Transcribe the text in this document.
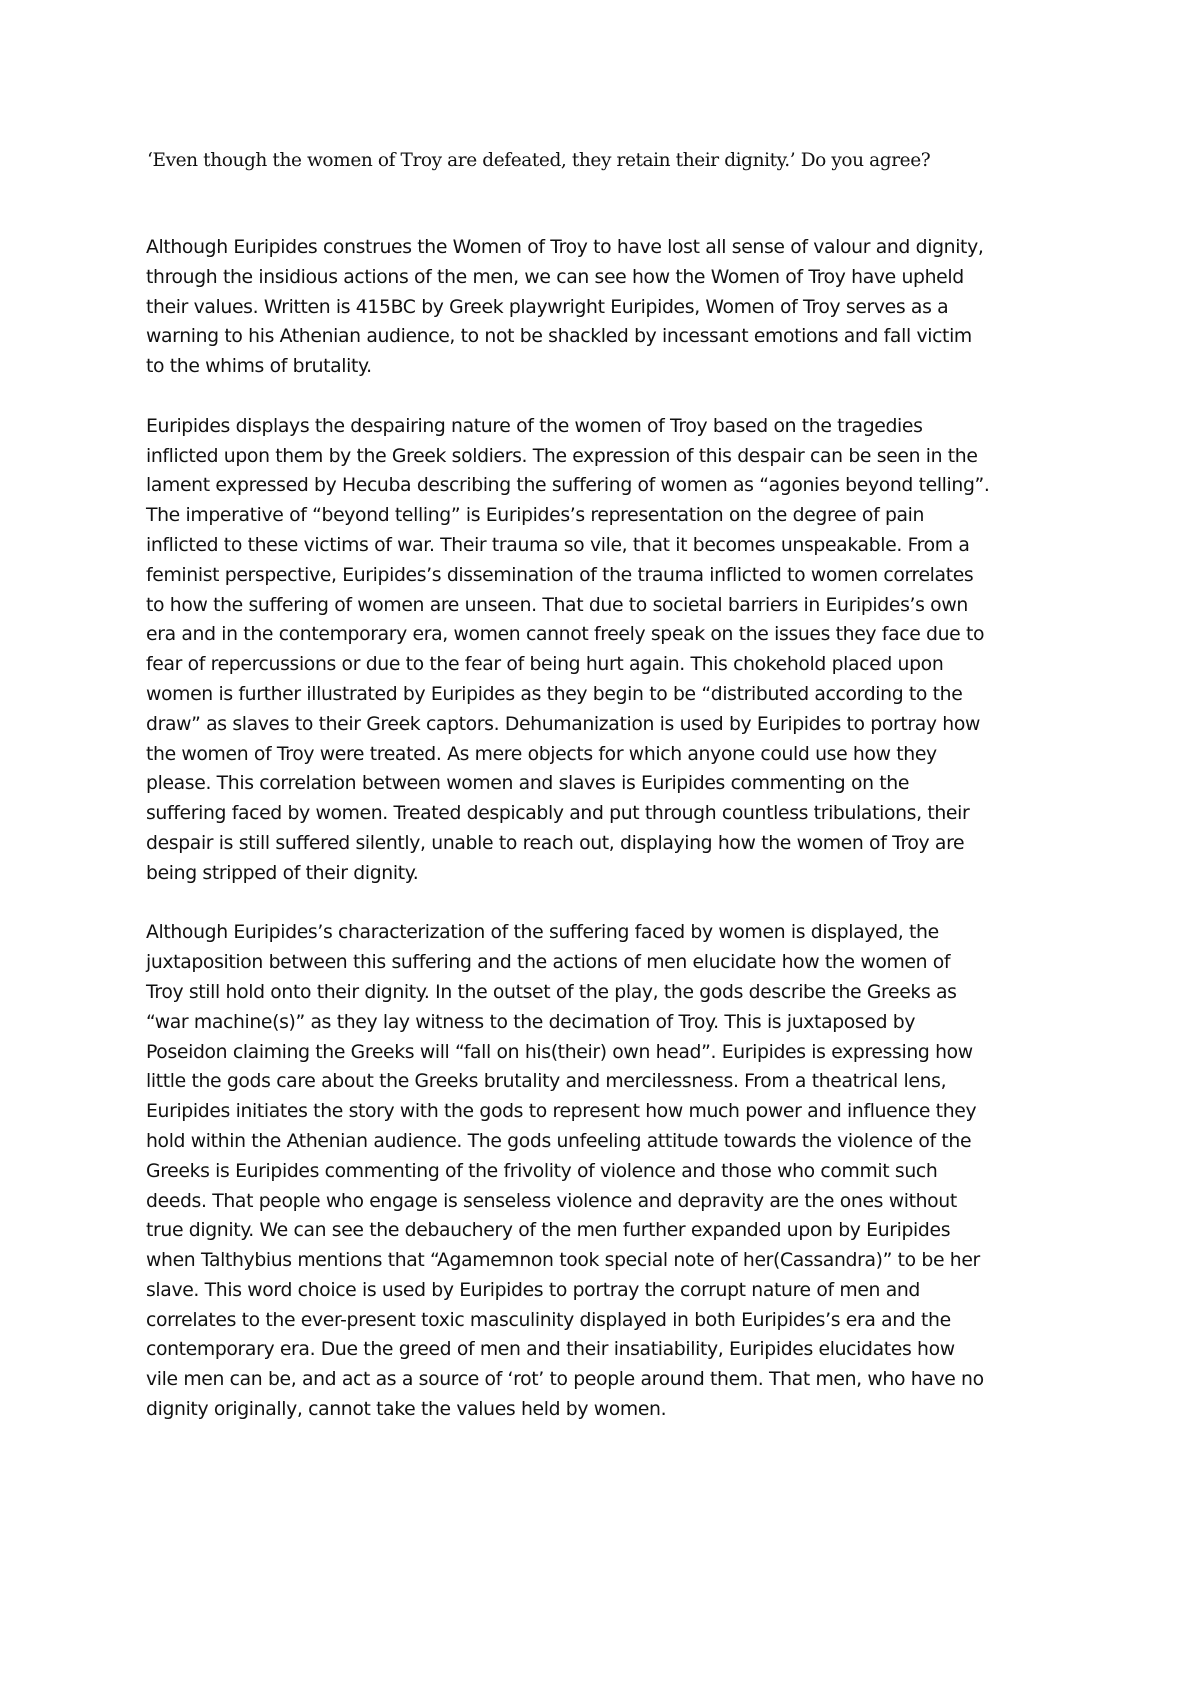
‘Even though the women of Troy are defeated, they retain their dignity.’ Do you agree?

Although Euripides construes the Women of Troy to have lost all sense of valour and dignity,
through the insidious actions of the men, we can see how the Women of Troy have upheld
their values. Written is 415BC by Greek playwright Euripides, Women of Troy serves as a
warning to his Athenian audience, to not be shackled by incessant emotions and fall victim
to the whims of brutality.

Euripides displays the despairing nature of the women of Troy based on the tragedies
inflicted upon them by the Greek soldiers. The expression of this despair can be seen in the
lament expressed by Hecuba describing the suffering of women as “agonies beyond telling”.
The imperative of “beyond telling” is Euripides’s representation on the degree of pain
inflicted to these victims of war. Their trauma so vile, that it becomes unspeakable. From a
feminist perspective, Euripides’s dissemination of the trauma inflicted to women correlates
to how the suffering of women are unseen. That due to societal barriers in Euripides’s own
era and in the contemporary era, women cannot freely speak on the issues they face due to
fear of repercussions or due to the fear of being hurt again. This chokehold placed upon
women is further illustrated by Euripides as they begin to be “distributed according to the
draw” as slaves to their Greek captors. Dehumanization is used by Euripides to portray how
the women of Troy were treated. As mere objects for which anyone could use how they
please. This correlation between women and slaves is Euripides commenting on the
suffering faced by women. Treated despicably and put through countless tribulations, their
despair is still suffered silently, unable to reach out, displaying how the women of Troy are
being stripped of their dignity.

Although Euripides’s characterization of the suffering faced by women is displayed, the
juxtaposition between this suffering and the actions of men elucidate how the women of
Troy still hold onto their dignity. In the outset of the play, the gods describe the Greeks as
“war machine(s)” as they lay witness to the decimation of Troy. This is juxtaposed by
Poseidon claiming the Greeks will “fall on his(their) own head”. Euripides is expressing how
little the gods care about the Greeks brutality and mercilessness. From a theatrical lens,
Euripides initiates the story with the gods to represent how much power and influence they
hold within the Athenian audience. The gods unfeeling attitude towards the violence of the
Greeks is Euripides commenting of the frivolity of violence and those who commit such
deeds. That people who engage is senseless violence and depravity are the ones without
true dignity. We can see the debauchery of the men further expanded upon by Euripides
when Talthybius mentions that “Agamemnon took special note of her(Cassandra)” to be her
slave. This word choice is used by Euripides to portray the corrupt nature of men and
correlates to the ever-present toxic masculinity displayed in both Euripides’s era and the
contemporary era. Due the greed of men and their insatiability, Euripides elucidates how
vile men can be, and act as a source of ‘rot’ to people around them. That men, who have no
dignity originally, cannot take the values held by women.
